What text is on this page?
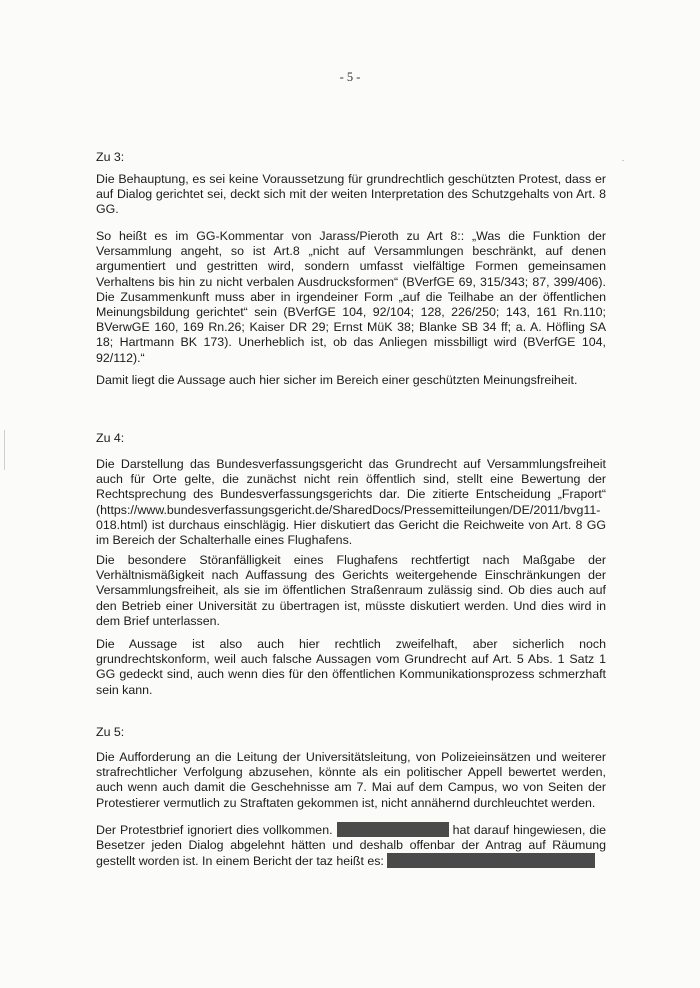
- 5 -

Zu 3:

Die Behauptung, es sei keine Voraussetzung für grundrechtlich geschützten Protest, dass er auf Dialog gerichtet sei, deckt sich mit der weiten Interpretation des Schutzgehalts von Art. 8 GG.

So heißt es im GG-Kommentar von Jarass/Pieroth zu Art 8:: „Was die Funktion der Versammlung angeht, so ist Art.8 „nicht auf Versammlungen beschränkt, auf denen argumentiert und gestritten wird, sondern umfasst vielfältige Formen gemeinsamen Verhaltens bis hin zu nicht verbalen Ausdrucksformen“ (BVerfGE 69, 315/343; 87, 399/406). Die Zusammenkunft muss aber in irgendeiner Form „auf die Teilhabe an der öffentlichen Meinungsbildung gerichtet“ sein (BVerfGE 104, 92/104; 128, 226/250; 143, 161 Rn.110; BVerwGE 160, 169 Rn.26; Kaiser DR 29; Ernst MüK 38; Blanke SB 34 ff; a. A. Höfling SA 18; Hartmann BK 173). Unerheblich ist, ob das Anliegen missbilligt wird (BVerfGE 104, 92/112).“

Damit liegt die Aussage auch hier sicher im Bereich einer geschützten Meinungsfreiheit.

Zu 4:

Die Darstellung das Bundesverfassungsgericht das Grundrecht auf Versammlungsfreiheit auch für Orte gelte, die zunächst nicht rein öffentlich sind, stellt eine Bewertung der Rechtsprechung des Bundesverfassungsgerichts dar. Die zitierte Entscheidung „Fraport“ (https://www.bundesverfassungsgericht.de/SharedDocs/Pressemitteilungen/DE/2011/bvg11-018.html) ist durchaus einschlägig. Hier diskutiert das Gericht die Reichweite von Art. 8 GG im Bereich der Schalterhalle eines Flughafens.

Die besondere Störanfälligkeit eines Flughafens rechtfertigt nach Maßgabe der Verhältnismäßigkeit nach Auffassung des Gerichts weitergehende Einschränkungen der Versammlungsfreiheit, als sie im öffentlichen Straßenraum zulässig sind. Ob dies auch auf den Betrieb einer Universität zu übertragen ist, müsste diskutiert werden. Und dies wird in dem Brief unterlassen.

Die Aussage ist also auch hier rechtlich zweifelhaft, aber sicherlich noch grundrechtskonform, weil auch falsche Aussagen vom Grundrecht auf Art. 5 Abs. 1 Satz 1 GG gedeckt sind, auch wenn dies für den öffentlichen Kommunikationsprozess schmerzhaft sein kann.

Zu 5:

Die Aufforderung an die Leitung der Universitätsleitung, von Polizeieinsätzen und weiterer strafrechtlicher Verfolgung abzusehen, könnte als ein politischer Appell bewertet werden, auch wenn auch damit die Geschehnisse am 7. Mai auf dem Campus, wo von Seiten der Protestierer vermutlich zu Straftaten gekommen ist, nicht annähernd durchleuchtet werden.

Der Protestbrief ignoriert dies vollkommen.	hat darauf hingewiesen, die Besetzer jeden Dialog abgelehnt hätten und deshalb offenbar der Antrag auf Räumung gestellt worden ist. In einem Bericht der taz heißt es:
